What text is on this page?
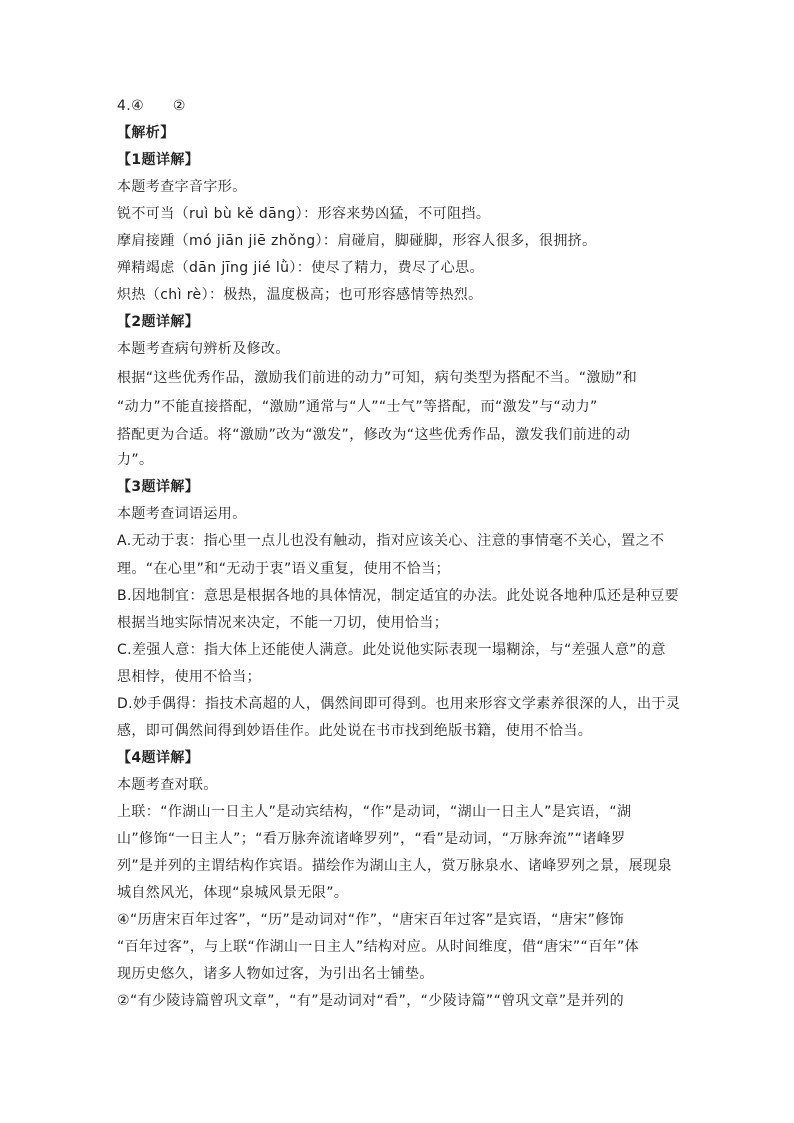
4.④　　②
【解析】
【1题详解】
本题考查字音字形。
锐不可当（ruì bù kě dāng）：形容来势凶猛，不可阻挡。
摩肩接踵（mó jiān jiē zhǒng）：肩碰肩，脚碰脚，形容人很多，很拥挤。
殚精竭虑（dān jīng jié lǜ）：使尽了精力，费尽了心思。
炽热（chì rè）：极热，温度极高；也可形容感情等热烈。
【2题详解】
本题考查病句辨析及修改。
根据“这些优秀作品，激励我们前进的动力”可知，病句类型为搭配不当。“激励”和
“动力”不能直接搭配，“激励”通常与“人”“士气”等搭配，而“激发”与“动力”
搭配更为合适。将“激励”改为“激发”，修改为“这些优秀作品，激发我们前进的动
力”。
【3题详解】
本题考查词语运用。
A.无动于衷：指心里一点儿也没有触动，指对应该关心、注意的事情毫不关心，置之不
理。“在心里”和“无动于衷”语义重复，使用不恰当；
B.因地制宜：意思是根据各地的具体情况，制定适宜的办法。此处说各地种瓜还是种豆要
根据当地实际情况来决定，不能一刀切，使用恰当；
C.差强人意：指大体上还能使人满意。此处说他实际表现一塌糊涂，与“差强人意”的意
思相悖，使用不恰当；
D.妙手偶得：指技术高超的人，偶然间即可得到。也用来形容文学素养很深的人，出于灵
感，即可偶然间得到妙语佳作。此处说在书市找到绝版书籍，使用不恰当。
【4题详解】
本题考查对联。
上联：“作湖山一日主人”是动宾结构，“作”是动词，“湖山一日主人”是宾语，“湖
山”修饰“一日主人”；“看万脉奔流诸峰罗列”，“看”是动词，“万脉奔流”“诸峰罗
列”是并列的主谓结构作宾语。描绘作为湖山主人，赏万脉泉水、诸峰罗列之景，展现泉
城自然风光，体现“泉城风景无限”。
④“历唐宋百年过客”，“历”是动词对“作”，“唐宋百年过客”是宾语，“唐宋”修饰
“百年过客”，与上联“作湖山一日主人”结构对应。从时间维度，借“唐宋”“百年”体
现历史悠久，诸多人物如过客，为引出名士铺垫。
②“有少陵诗篇曾巩文章”，“有”是动词对“看”，“少陵诗篇”“曾巩文章”是并列的
